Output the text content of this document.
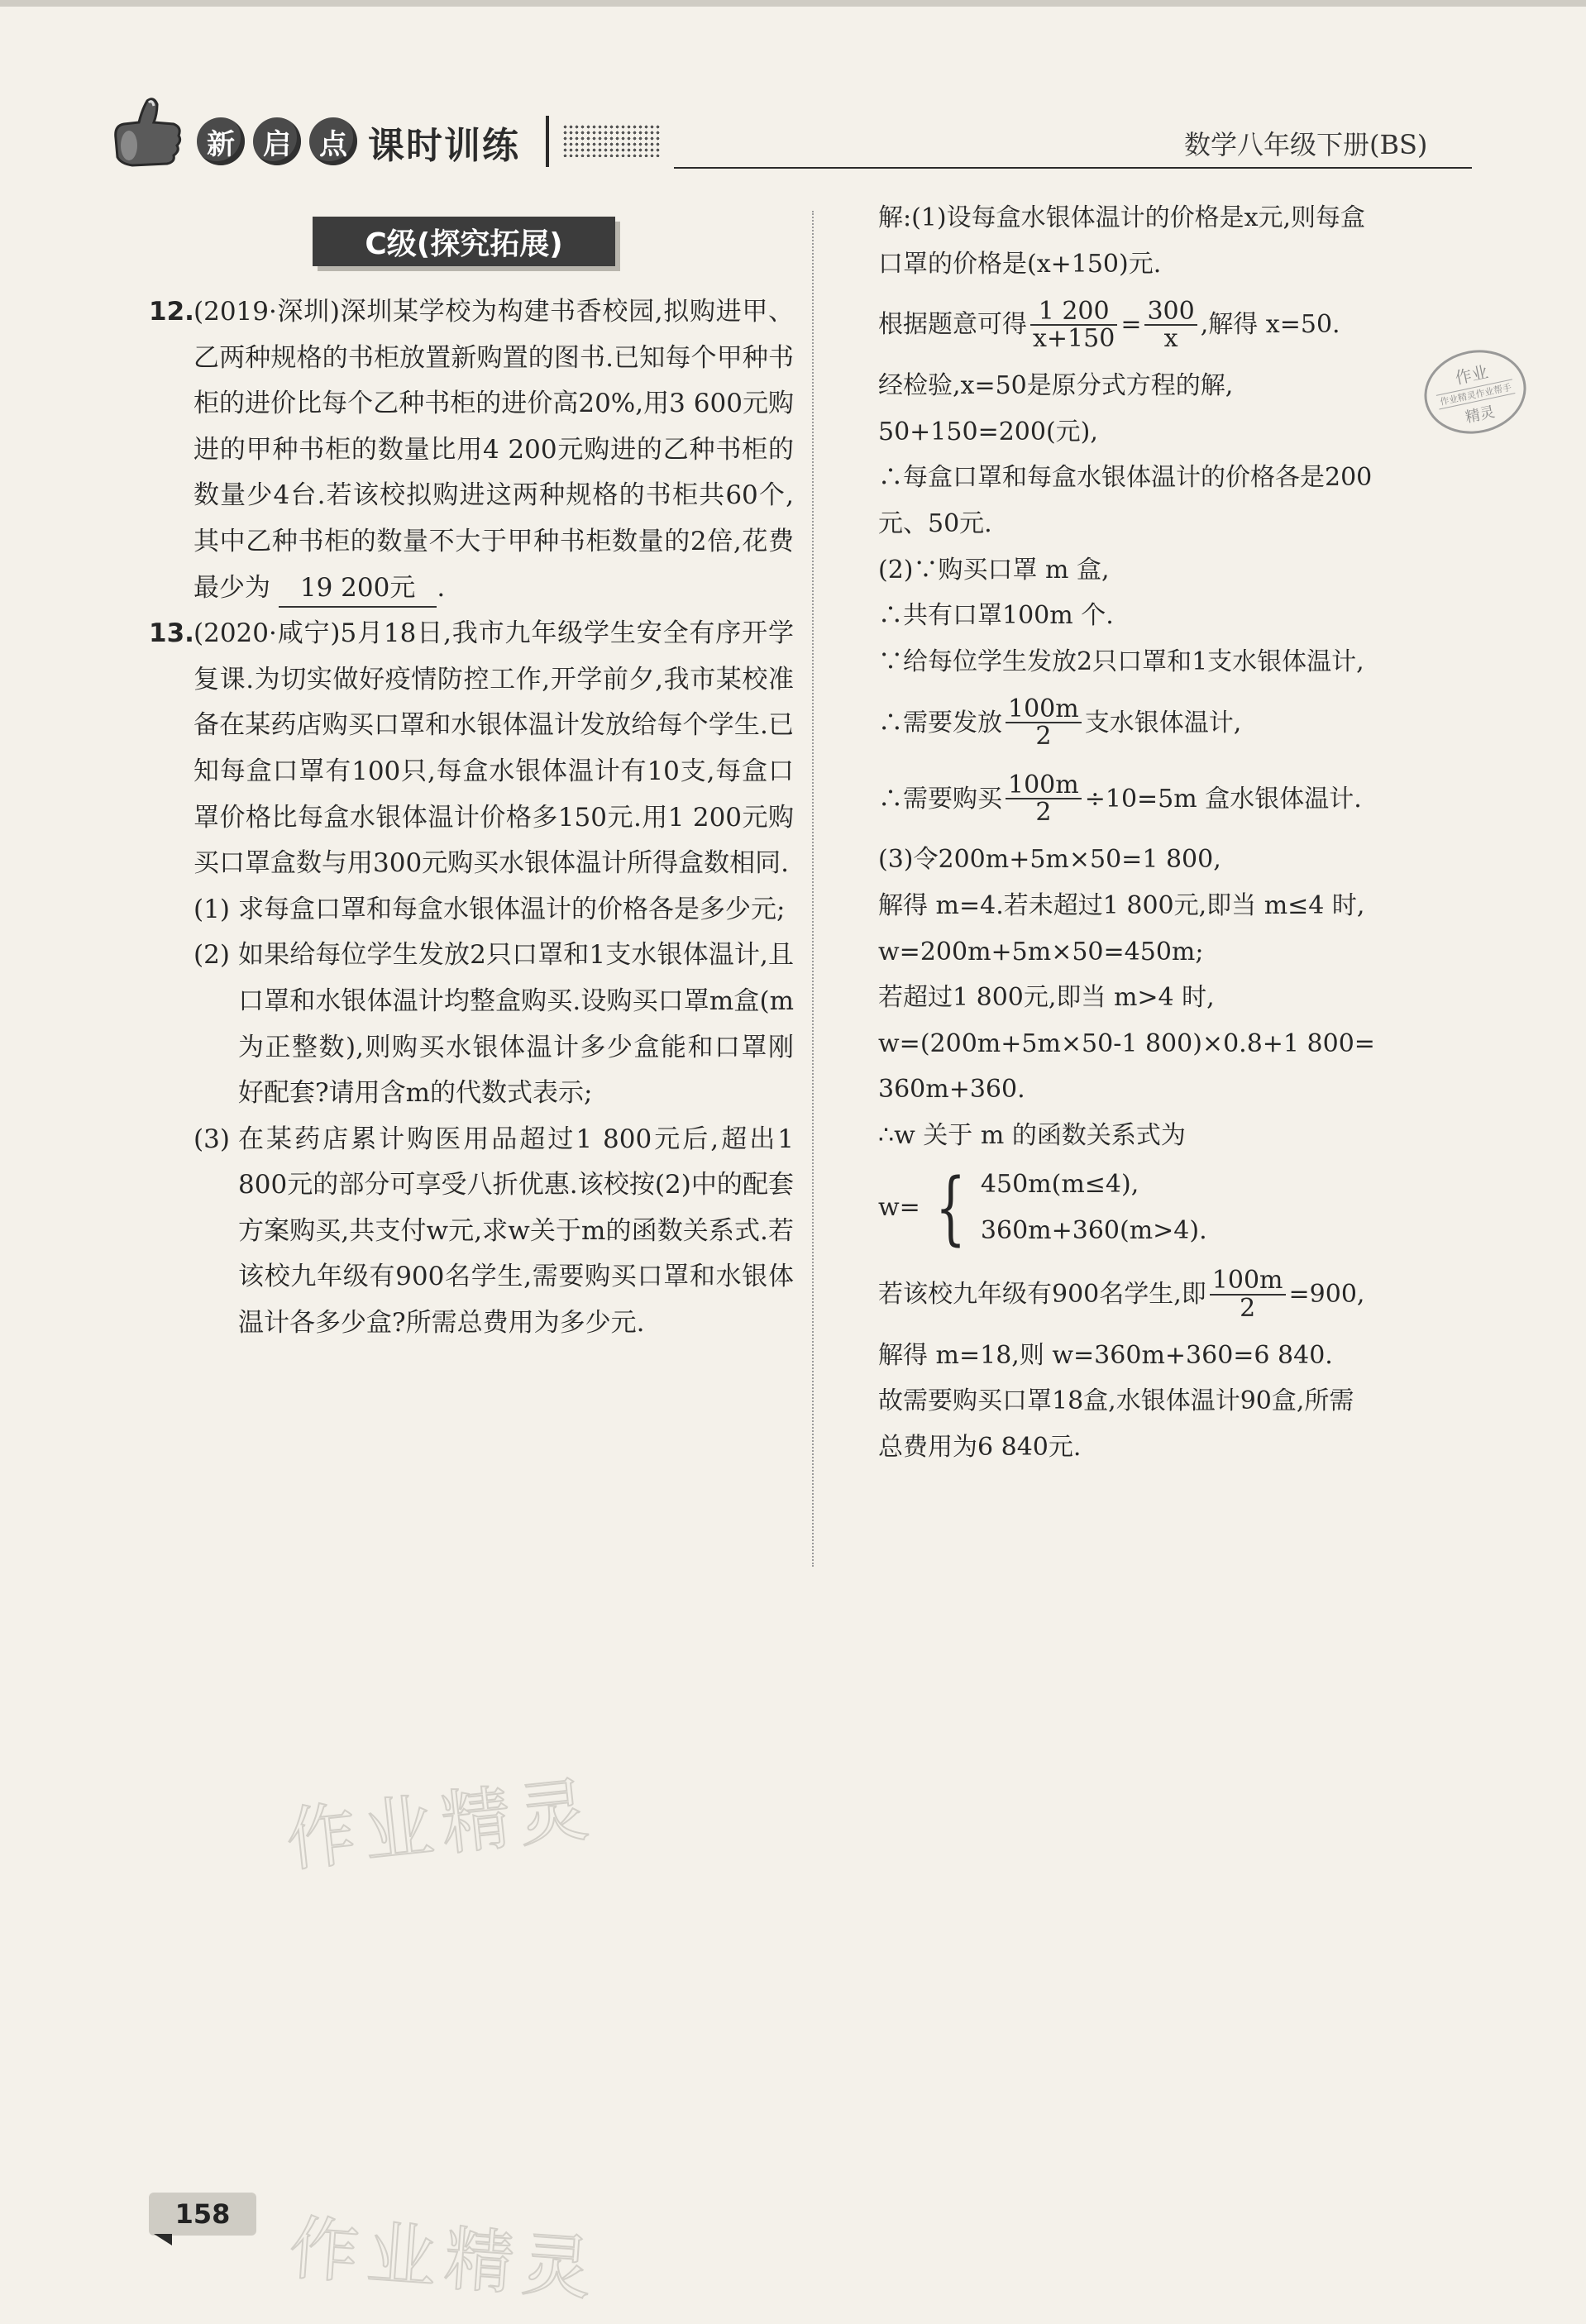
新	启	点 课时训练	数学八年级下册(BS)
C级(探究拓展)
12. (2019·深圳)深圳某学校为构建书香校园,拟购进甲、乙两种规格的书柜放置新购置的图书.已知每个甲种书柜的进价比每个乙种书柜的进价高20%,用3 600元购进的甲种书柜的数量比用4 200元购进的乙种书柜的数量少4台.若该校拟购进这两种规格的书柜共60个,其中乙种书柜的数量不大于甲种书柜数量的2倍,花费最少为 19 200元 .
13. (2020·咸宁)5月18日,我市九年级学生安全有序开学复课.为切实做好疫情防控工作,开学前夕,我市某校准备在某药店购买口罩和水银体温计发放给每个学生.已知每盒口罩有100只,每盒水银体温计有10支,每盒口罩价格比每盒水银体温计价格多150元.用1 200元购买口罩盒数与用300元购买水银体温计所得盒数相同.
(1) 求每盒口罩和每盒水银体温计的价格各是多少元;
(2) 如果给每位学生发放2只口罩和1支水银体温计,且口罩和水银体温计均整盒购买.设购买口罩m盒(m为正整数),则购买水银体温计多少盒能和口罩刚好配套?请用含m的代数式表示;
(3) 在某药店累计购医用品超过1 800元后,超出1 800元的部分可享受八折优惠.该校按(2)中的配套方案购买,共支付w元,求w关于m的函数关系式.若该校九年级有900名学生,需要购买口罩和水银体温计各多少盒?所需总费用为多少元.
解:(1)设每盒水银体温计的价格是x元,则每盒
口罩的价格是(x+150)元.
根据题意可得 $\frac{1 200}{x+150} = \frac{300}{x}$ ,解得 x=50.
经检验,x=50是原分式方程的解,
50+150=200(元),
∴每盒口罩和每盒水银体温计的价格各是200
元、50元.
(2)∵购买口罩 m 盒,
∴共有口罩100m 个.
∵给每位学生发放2只口罩和1支水银体温计,
∴需要发放 $\frac{100m}{2}$ 支水银体温计,
∴需要购买 $\frac{100m}{2} \div 10=5m$ 盒水银体温计.
(3)令200m+5m×50=1 800,
解得 m=4.若未超过1 800元,即当 m≤4 时,
w=200m+5m×50=450m;
若超过1 800元,即当 m>4 时,
w=(200m+5m×50-1 800)×0.8+1 800=
360m+360.
∴w 关于 m 的函数关系式为
w= { 450m(m≤4),
360m+360(m>4).
若该校九年级有900名学生,即 $\frac{100m}{2} =900$,
解得 m=18,则 w=360m+360=6 840.
故需要购买口罩18盒,水银体温计90盒,所需
总费用为6 840元.
作业
作业精灵作业帮手
精灵
作业精灵
作业精灵
158
